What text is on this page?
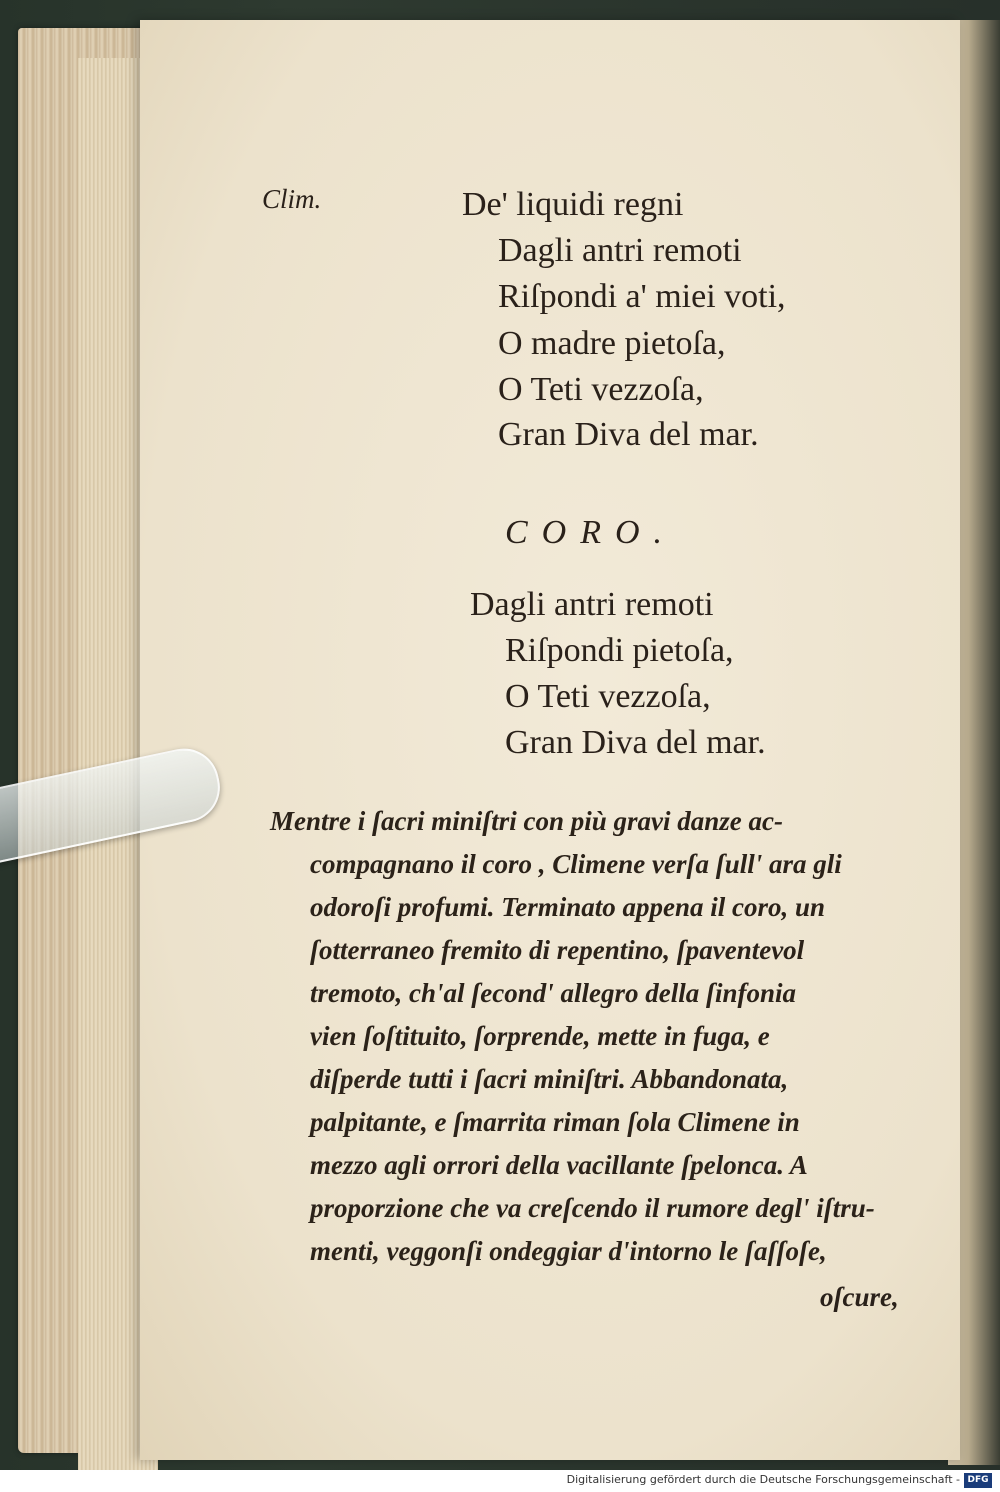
Clim.	De' liquidi regni
Dagli antri remoti
Riſpondi a' miei voti,
O madre pietoſa,
O Teti vezzoſa,
Gran Diva del mar.
CORO.
Dagli antri remoti
Riſpondi pietoſa,
O Teti vezzoſa,
Gran Diva del mar.
Mentre i ſacri miniſtri con più gravi danze ac-
compagnano il coro , Climene verſa ſull' ara gli
odoroſi profumi. Terminato appena il coro, un
ſotterraneo fremito di repentino, ſpaventevol
tremoto, ch'al ſecond' allegro della ſinfonia
vien ſoſtituito, ſorprende, mette in fuga, e
diſperde tutti i ſacri miniſtri. Abbandonata,
palpitante, e ſmarrita riman ſola Climene in
mezzo agli orrori della vacillante ſpelonca. A
proporzione che va creſcendo il rumore degl' iſtru-
menti, veggonſi ondeggiar d'intorno le ſaſſoſe,
oſcure,
Digitalisierung gefördert durch die Deutsche Forschungsgemeinschaft - DFG
